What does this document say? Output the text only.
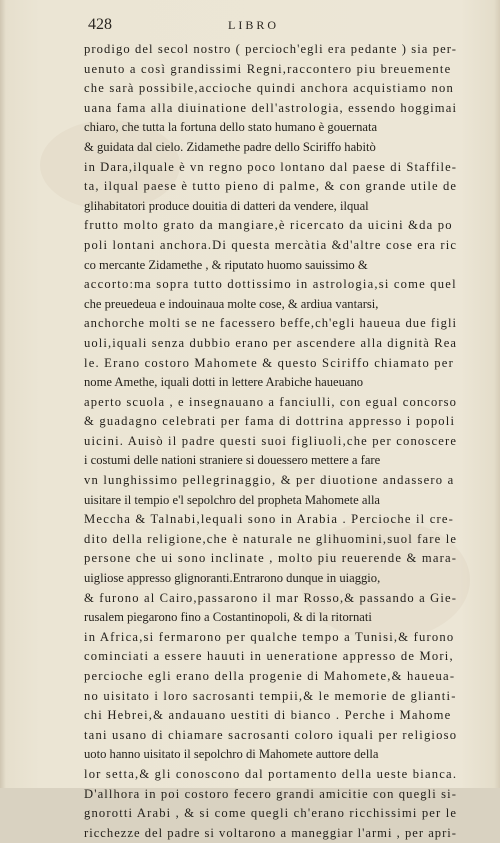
428	LIBRO
prodigo del secol nostro ( percioch'egli era pedante ) sia per-
uenuto a così grandissimi Regni,raccontero piu breuemente
che sarà possibile,accioche quindi anchora acquistiamo non
uana fama alla diuinatione dell'astrologia, essendo hoggimai
chiaro, che tutta la fortuna dello stato humano è gouernata
& guidata dal cielo. Zidamethe padre dello Sciriffo habitò
in Dara,ilquale è vn regno poco lontano dal paese di Staffile-
ta, ilqual paese è tutto pieno di palme, & con grande utile de
glihabitatori produce douitia di datteri da vendere, ilqual
frutto molto grato da mangiare,è ricercato da uicini &da po
poli lontani anchora.Di questa mercàtia &d'altre cose era ric
co mercante Zidamethe , & riputato huomo sauissimo &
accorto:ma sopra tutto dottissimo in astrologia,si come quel
che preuedeua e indouinaua molte cose, & ardiua vantarsi,
anchorche molti se ne facessero beffe,ch'egli haueua due figli
uoli,iquali senza dubbio erano per ascendere alla dignità Rea
le. Erano costoro Mahomete & questo Sciriffo chiamato per
nome Amethe, iquali dotti in lettere Arabiche haueuano
aperto scuola , e insegnauano a fanciulli, con egual concorso
& guadagno celebrati per fama di dottrina appresso i popoli
uicini. Auisò il padre questi suoi figliuoli,che per conoscere
i costumi delle nationi straniere si douessero mettere a fare
vn lunghissimo pellegrinaggio, & per diuotione andassero a
uisitare il tempio e'l sepolchro del propheta Mahomete alla
Meccha & Talnabi,lequali sono in Arabia . Percioche il cre-
dito della religione,che è naturale ne glihuomini,suol fare le
persone che ui sono inclinate , molto piu reuerende & mara-
uigliose appresso glignoranti.Entrarono dunque in uiaggio,
& furono al Cairo,passarono il mar Rosso,& passando a Gie-
rusalem piegarono fino a Costantinopoli, & di la ritornati
in Africa,si fermarono per qualche tempo a Tunisi,& furono
cominciati a essere hauuti in ueneratione appresso de Mori,
percioche egli erano della progenie di Mahomete,& haueua-
no uisitato i loro sacrosanti tempii,& le memorie de glianti-
chi Hebrei,& andauano uestiti di bianco . Perche i Mahome
tani usano di chiamare sacrosanti coloro iquali per religioso
uoto hanno uisitato il sepolchro di Mahomete auttore della
lor setta,& gli conoscono dal portamento della ueste bianca.
D'allhora in poi costoro fecero grandi amicitie con quegli si-
gnorotti Arabi , & si come quegli ch'erano ricchissimi per le
ricchezze del padre si voltarono a maneggiar l'armi , per apri-
